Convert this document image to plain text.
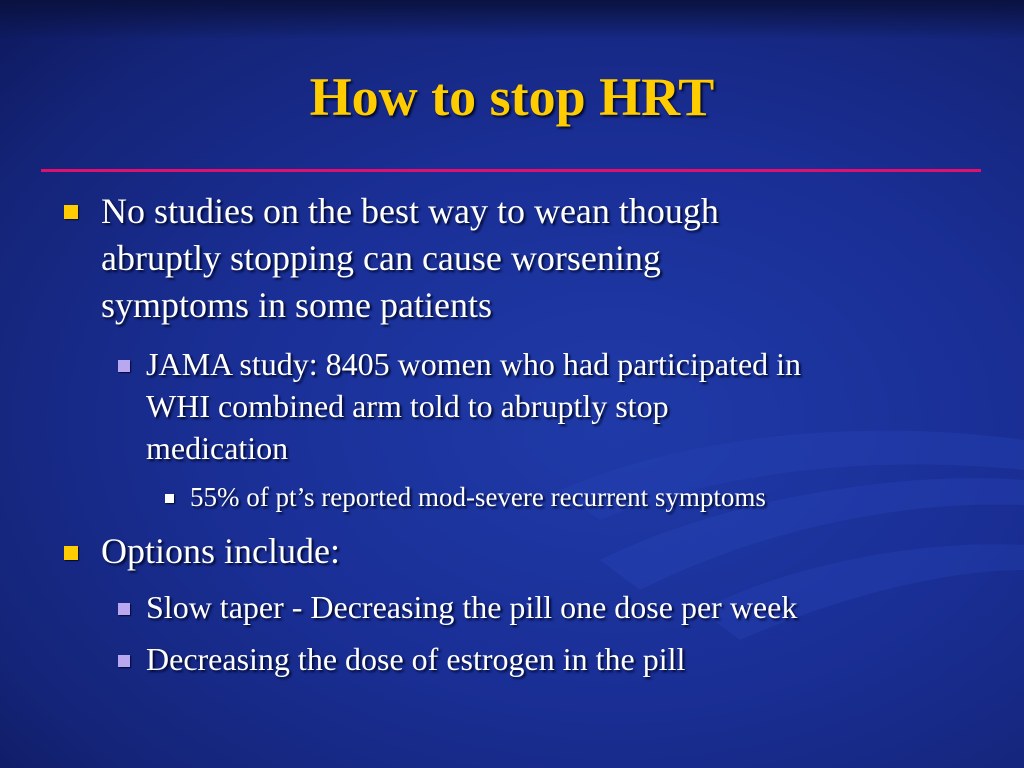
How to stop HRT
No studies on the best way to wean though
abruptly stopping can cause worsening
symptoms in some patients
JAMA study: 8405 women who had participated in
WHI combined arm told to abruptly stop
medication
55% of pt’s reported mod-severe recurrent symptoms
Options include:
Slow taper - Decreasing the pill one dose per week
Decreasing the dose of estrogen in the pill
